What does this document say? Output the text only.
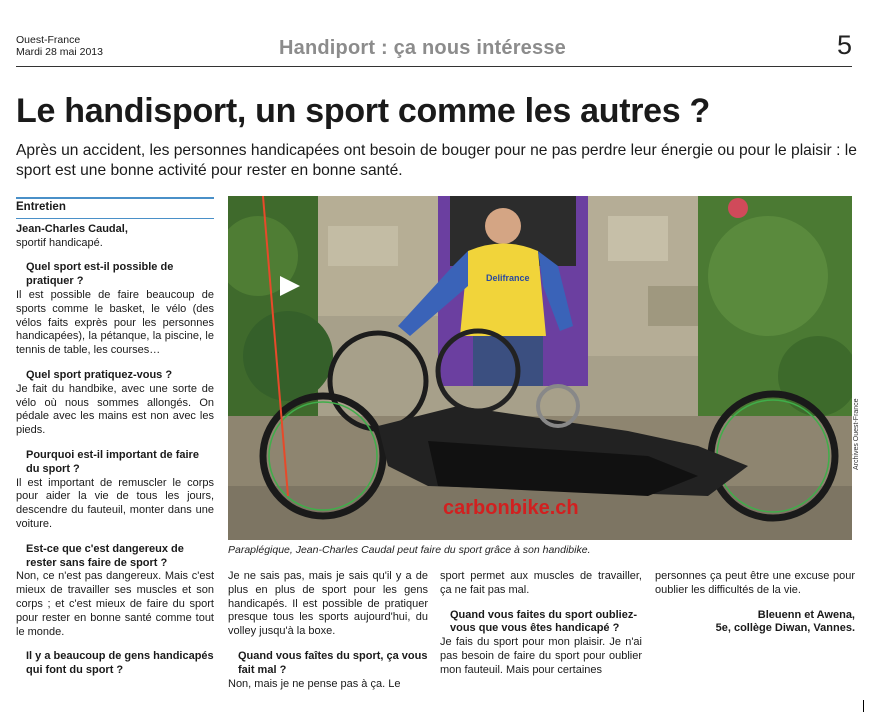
Ouest-France
Mardi 28 mai 2013	Handiport : ça nous intéresse	5
Le handisport, un sport comme les autres ?

Après un accident, les personnes handicapées ont besoin de bouger pour ne pas perdre leur énergie ou pour le plaisir : le sport est une bonne activité pour rester en bonne santé.

Entretien

Jean-Charles Caudal,

sportif handicapé.

Quel sport est-il possible de pratiquer ?

Il est possible de faire beaucoup de sports comme le basket, le vélo (des vélos faits exprès pour les personnes handicapées), la pétanque, la piscine, le tennis de table, les courses…

Quel sport pratiquez-vous ?

Je fait du handbike, avec une sorte de vélo où nous sommes allongés. On pédale avec les mains est non avec les pieds.

Pourquoi est-il important de faire du sport ?

Il est important de remuscler le corps pour aider la vie de tous les jours, descendre du fauteuil, monter dans une voiture.

Est-ce que c'est dangereux de rester sans faire de sport ?

Non, ce n'est pas dangereux. Mais c'est mieux de travailler ses muscles et son corps ; et c'est mieux de faire du sport pour rester en bonne santé comme tout le monde.

Il y a beaucoup de gens handicapés qui font du sport ?

carbonbike.ch
Delifrance
Archives Ouest-France
Paraplégique, Jean-Charles Caudal peut faire du sport grâce à son handibike.

Je ne sais pas, mais je sais qu'il y a de plus en plus de sport pour les gens handicapés. Il est possible de pratiquer presque tous les sports aujourd'hui, du volley jusqu'à la boxe.

Quand vous faîtes du sport, ça vous fait mal ?

Non, mais je ne pense pas à ça. Le

sport permet aux muscles de travailler, ça ne fait pas mal.

Quand vous faites du sport oubliez-vous que vous êtes handicapé ?

Je fais du sport pour mon plaisir. Je n'ai pas besoin de faire du sport pour oublier mon fauteuil. Mais pour certaines

personnes ça peut être une excuse pour oublier les difficultés de la vie.

Bleuenn et Awena,

5e, collège Diwan, Vannes.
